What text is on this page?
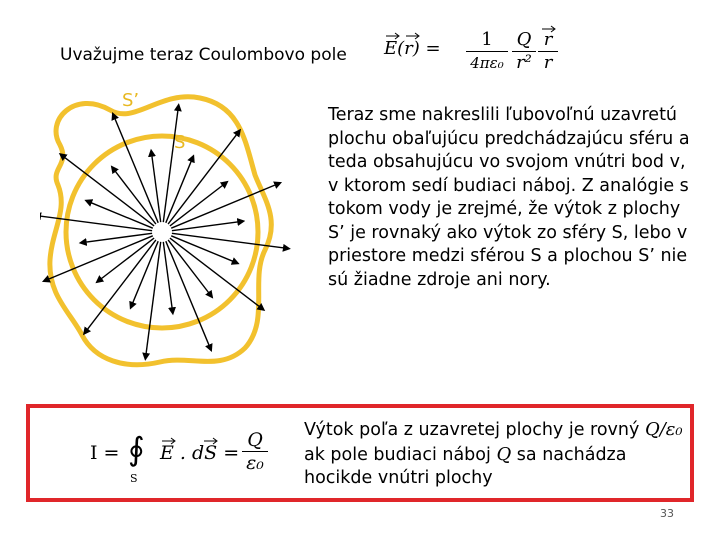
Uvažujme teraz Coulombovo pole E(r) =	1
4πε₀
Q
r²
r
r
S’
S
Teraz sme nakreslili ľubovoľnú uzavretú
plochu obaľujúcu predchádzajúcu sféru a
teda obsahujúcu vo svojom vnútri bod v,
v ktorom sedí budiaci náboj. Z analógie s
tokom vody je zrejmé, že výtok z plochy
S’ je rovnaký ako výtok zo sféry S, lebo v
priestore medzi sférou S a plochou S’ nie
sú žiadne zdroje ani nory.
I = ∮
S
E . dS =
Q
ε₀
Výtok poľa z uzavretej plochy je rovný Q/ε₀
ak pole budiaci náboj Q sa nachádza
hocikde vnútri plochy
33
